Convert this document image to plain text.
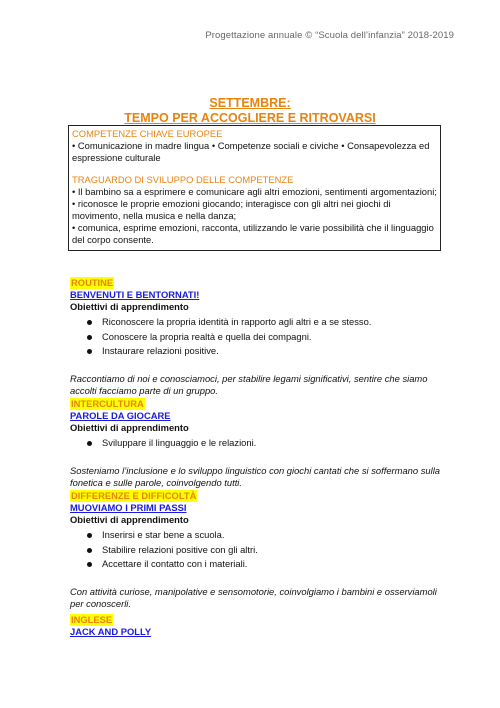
Progettazione annuale © “Scuola dell’infanzia” 2018-2019
SETTEMBRE:
TEMPO PER ACCOGLIERE E RITROVARSI

COMPETENZE CHIAVE EUROPEE

• Comunicazione in madre lingua • Competenze sociali e civiche • Consapevolezza ed espressione culturale

TRAGUARDO DI SVILUPPO DELLE COMPETENZE

• Il bambino sa a esprimere e comunicare agli altri emozioni, sentimenti argomentazioni;

• riconosce le proprie emozioni giocando; interagisce con gli altri nei giochi di movimento, nella musica e nella danza;

• comunica, esprime emozioni, racconta, utilizzando le varie possibilità che il linguaggio del corpo consente.

ROUTINE
BENVENUTI E BENTORNATI!
Obiettivi di apprendimento
Riconoscere la propria identità in rapporto agli altri e a se stesso.
Conoscere la propria realtà e quella dei compagni.
Instaurare relazioni positive.
Raccontiamo di noi e conosciamoci, per stabilire legami significativi, sentire che siamo accolti facciamo parte di un gruppo.
INTERCULTURA
PAROLE DA GIOCARE
Obiettivi di apprendimento
Sviluppare il linguaggio e le relazioni.
Sosteniamo l’inclusione e lo sviluppo linguistico con giochi cantati che si soffermano sulla fonetica e sulle parole, coinvolgendo tutti.
DIFFERENZE E DIFFICOLTÀ
MUOVIAMO I PRIMI PASSI
Obiettivi di apprendimento
Inserirsi e star bene a scuola.
Stabilire relazioni positive con gli altri.
Accettare il contatto con i materiali.
Con attività curiose, manipolative e sensomotorie, coinvolgiamo i bambini e osserviamoli per conoscerli.
INGLESE
JACK AND POLLY
